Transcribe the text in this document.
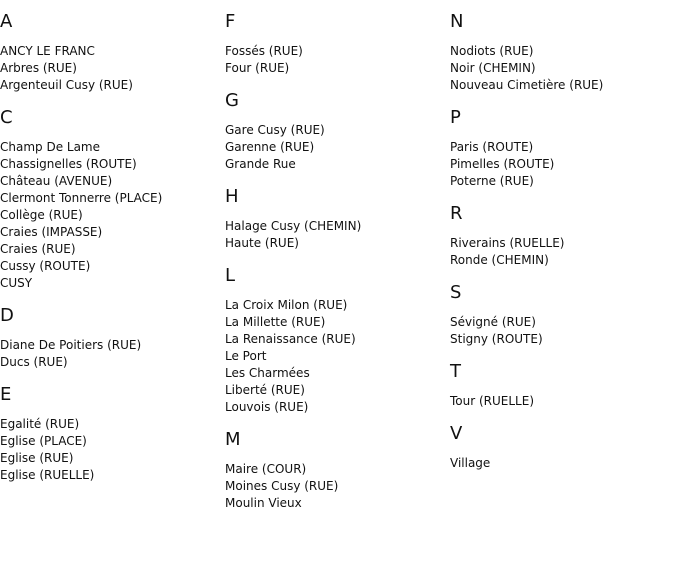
A
ANCY LE FRANC
Arbres (RUE)
Argenteuil Cusy (RUE)
C
Champ De Lame
Chassignelles (ROUTE)
Château (AVENUE)
Clermont Tonnerre (PLACE)
Collège (RUE)
Craies (IMPASSE)
Craies (RUE)
Cussy (ROUTE)
CUSY
D
Diane De Poitiers (RUE)
Ducs (RUE)
E
Egalité (RUE)
Eglise (PLACE)
Eglise (RUE)
Eglise (RUELLE)
F
Fossés (RUE)
Four (RUE)
G
Gare Cusy (RUE)
Garenne (RUE)
Grande Rue
H
Halage Cusy (CHEMIN)
Haute (RUE)
L
La Croix Milon (RUE)
La Millette (RUE)
La Renaissance (RUE)
Le Port
Les Charmées
Liberté (RUE)
Louvois (RUE)
M
Maire (COUR)
Moines Cusy (RUE)
Moulin Vieux
N
Nodiots (RUE)
Noir (CHEMIN)
Nouveau Cimetière (RUE)
P
Paris (ROUTE)
Pimelles (ROUTE)
Poterne (RUE)
R
Riverains (RUELLE)
Ronde (CHEMIN)
S
Sévigné (RUE)
Stigny (ROUTE)
T
Tour (RUELLE)
V
Village
